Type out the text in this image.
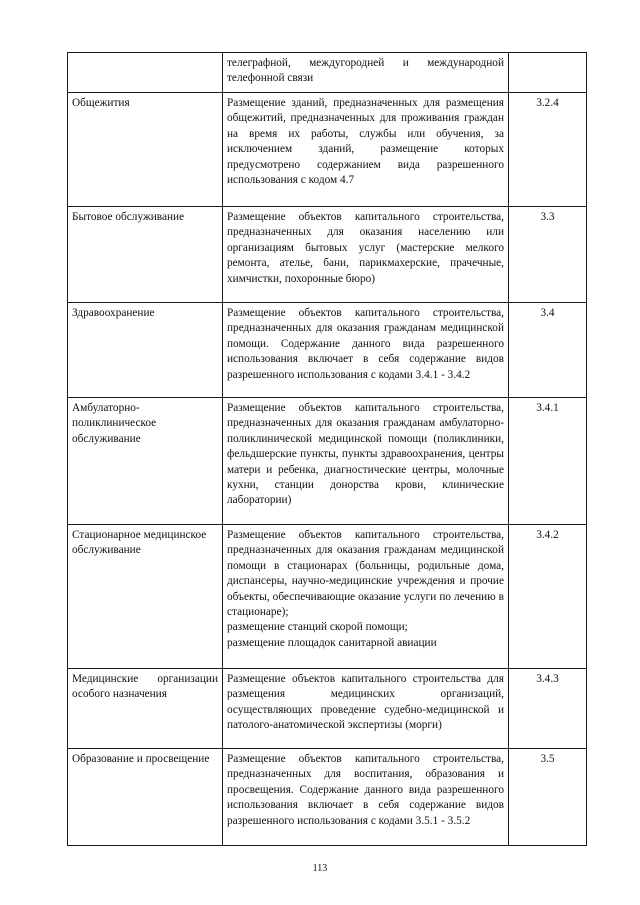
	телеграфной, междугородней и международной телефонной связи	

Общежития	Размещение зданий, предназначенных для размещения общежитий, предназначенных для проживания граждан на время их работы, службы или обучения, за исключением зданий, размещение которых предусмотрено содержанием вида разрешенного использования с кодом 4.7	3.2.4
Бытовое обслуживание	Размещение объектов капитального строительства, предназначенных для оказания населению или организациям бытовых услуг (мастерские мелкого ремонта, ателье, бани, парикмахерские, прачечные, химчистки, похоронные бюро)	3.3
Здравоохранение	Размещение объектов капитального строительства, предназначенных для оказания гражданам медицинской помощи. Содержание данного вида разрешенного использования включает в себя содержание видов разрешенного использования с кодами 3.4.1 - 3.4.2	3.4
Амбулаторно-поликлиническое обслуживание	Размещение объектов капитального строительства, предназначенных для оказания гражданам амбулаторно-поликлинической медицинской помощи (поликлиники, фельдшерские пункты, пункты здравоохранения, центры матери и ребенка, диагностические центры, молочные кухни, станции донорства крови, клинические лаборатории)	3.4.1
Стационарное медицинское обслуживание	Размещение объектов капитального строительства, предназначенных для оказания гражданам медицинской помощи в стационарах (больницы, родильные дома, диспансеры, научно-медицинские учреждения и прочие объекты, обеспечивающие оказание услуги по лечению в стационаре);
размещение станций скорой помощи;
размещение площадок санитарной авиации	3.4.2
Медицинские организации особого назначения	Размещение объектов капитального строительства для размещения медицинских организаций, осуществляющих проведение судебно-медицинской и патолого-анатомической экспертизы (морги)	3.4.3
Образование и просвещение	Размещение объектов капитального строительства, предназначенных для воспитания, образования и просвещения. Содержание данного вида разрешенного использования включает в себя содержание видов разрешенного использования с кодами 3.5.1 - 3.5.2	3.5
113
